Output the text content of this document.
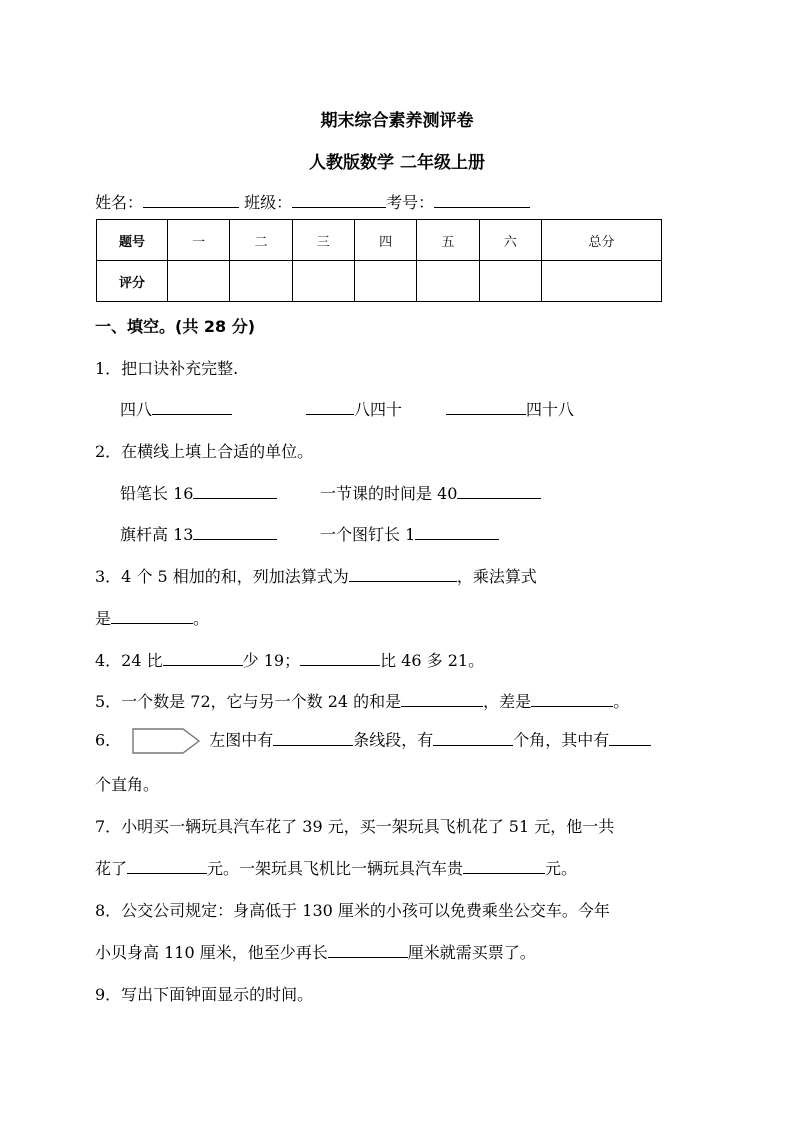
期末综合素养测评卷
人教版数学 二年级上册
姓名：	班级：	考号：
题号	一	二	三	四	五	六	总分
评分							
一、填空。(共 28 分)
1．把口诀补充完整.
四八	八四十	四十八
2．在横线上填上合适的单位。
铅笔长 16	一节课的时间是 40
旗杆高 13	一个图钉长 1
3．4 个 5 相加的和，列加法算式为	，乘法算式
是	。
4．24 比	少 19；	比 46 多 21。
5．一个数是 72，它与另一个数 24 的和是	，差是	。
6．	左图中有	条线段，有	个角，其中有
个直角。
7．小明买一辆玩具汽车花了 39 元，买一架玩具飞机花了 51 元，他一共
花了	元。一架玩具飞机比一辆玩具汽车贵	元。
8．公交公司规定：身高低于 130 厘米的小孩可以免费乘坐公交车。今年
小贝身高 110 厘米，他至少再长	厘米就需买票了。
9．写出下面钟面显示的时间。
